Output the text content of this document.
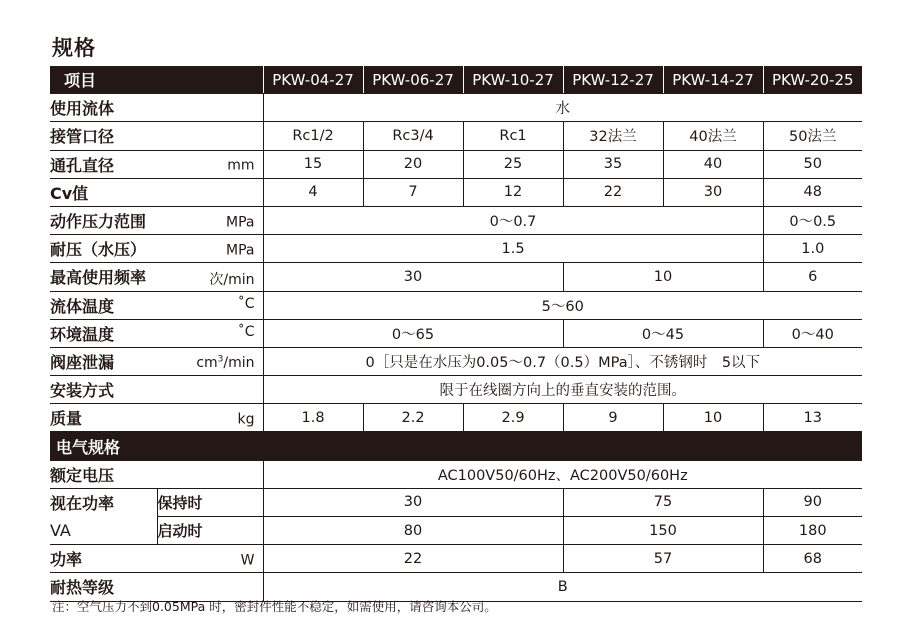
规格
项目		PKW-04-27	PKW-06-27	PKW-10-27	PKW-12-27	PKW-14-27	PKW-20-25
使用流体		水					
接管口径		Rc1/2	Rc3/4	Rc1	32法兰	40法兰	50法兰
通孔直径 mm		15	20	25	35	40	50
Cv值		4	7	12	22	30	48
动作压力范围 MPa		0～0.7					0～0.5
耐压（水压） MPa		1.5					1.0
最高使用频率 次/min		30			10		6
流体温度 ˚C		5～60					
环境温度 ˚C		0～65			0～45		0～40
阀座泄漏 $cm^3/\min$		0［只是在水压为0.05～0.7（0.5）MPa］、不锈钢时　5以下					
安装方式		限于在线圈方向上的垂直安装的范围。					
质量 kg		1.8	2.2	2.9	9	10	13
电气规格							
额定电压		AC100V50/60Hz、AC200V50/60Hz					
视在功率	保持时	30			75		90
VA	启动时	80			150		180
功率 W		22			57		68
耐热等级		B					
注：空气压力不到0.05MPa 时，密封件性能不稳定，如需使用，请咨询本公司。
